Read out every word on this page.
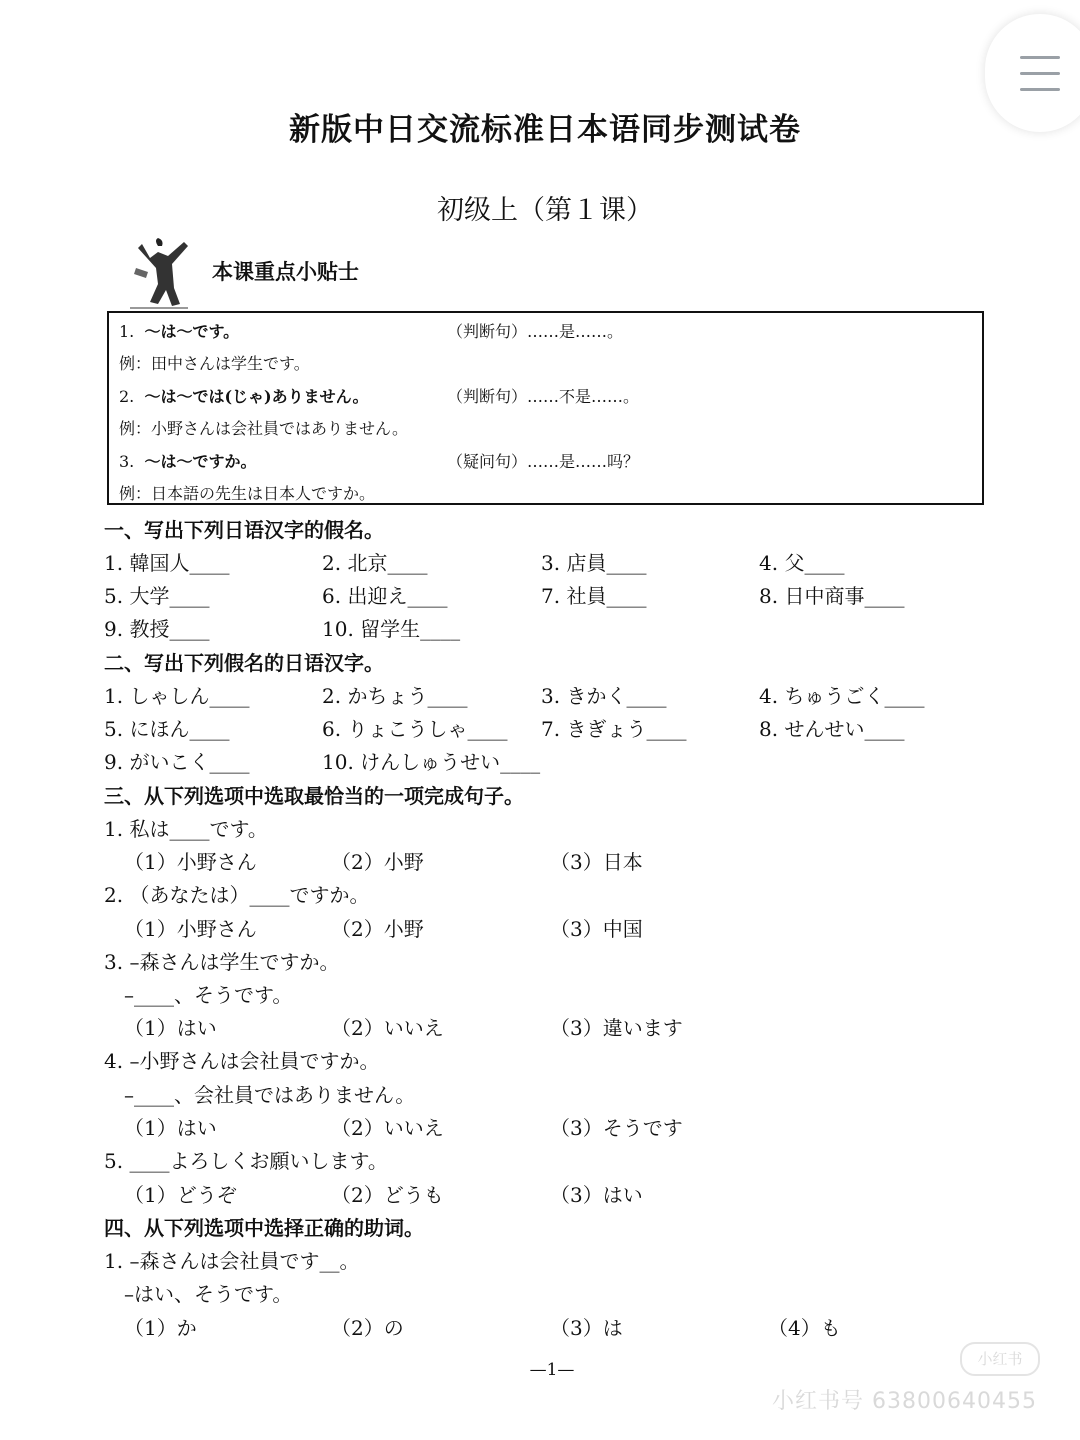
新版中日交流标准日本语同步测试卷
初级上（第１课）
本课重点小贴士
1. ～は～です。	（判断句）……是……。
例：田中さんは学生です。
2. ～は～では(じゃ)ありません。	（判断句）……不是……。
例：小野さんは会社員ではありません。
3. ～は～ですか。	（疑问句）……是……吗？
例：日本語の先生は日本人ですか。
一、写出下列日语汉字的假名。
1. 韓国人____	2. 北京____	3. 店員____	4. 父____
5. 大学____	6. 出迎え____	7. 社員____	8. 日中商事____
9. 教授____	10. 留学生____
二、写出下列假名的日语汉字。
1. しゃしん____	2. かちょう____	3. きかく____	4. ちゅうごく____
5. にほん____	6. りょこうしゃ____ 7. きぎょう____	8. せんせい____
9. がいこく____	10. けんしゅうせい____
三、从下列选项中选取最恰当的一项完成句子。
1. 私は____です。
（1）小野さん	（2）小野	（3）日本
2. （あなたは）____ですか。
（1）小野さん	（2）小野	（3）中国
3. –森さんは学生ですか。
–____、そうです。
（1）はい	（2）いいえ	（3）違います
4. –小野さんは会社員ですか。
–____、会社員ではありません。
（1）はい	（2）いいえ	（3）そうです
5. ____よろしくお願いします。
（1）どうぞ	（2）どうも	（3）はい
四、从下列选项中选择正确的助词。
1. –森さんは会社員です__。
–はい、そうです。
（1）か	（2）の	（3）は	（4）も
—1—
小红书
小红书号 63800640455
